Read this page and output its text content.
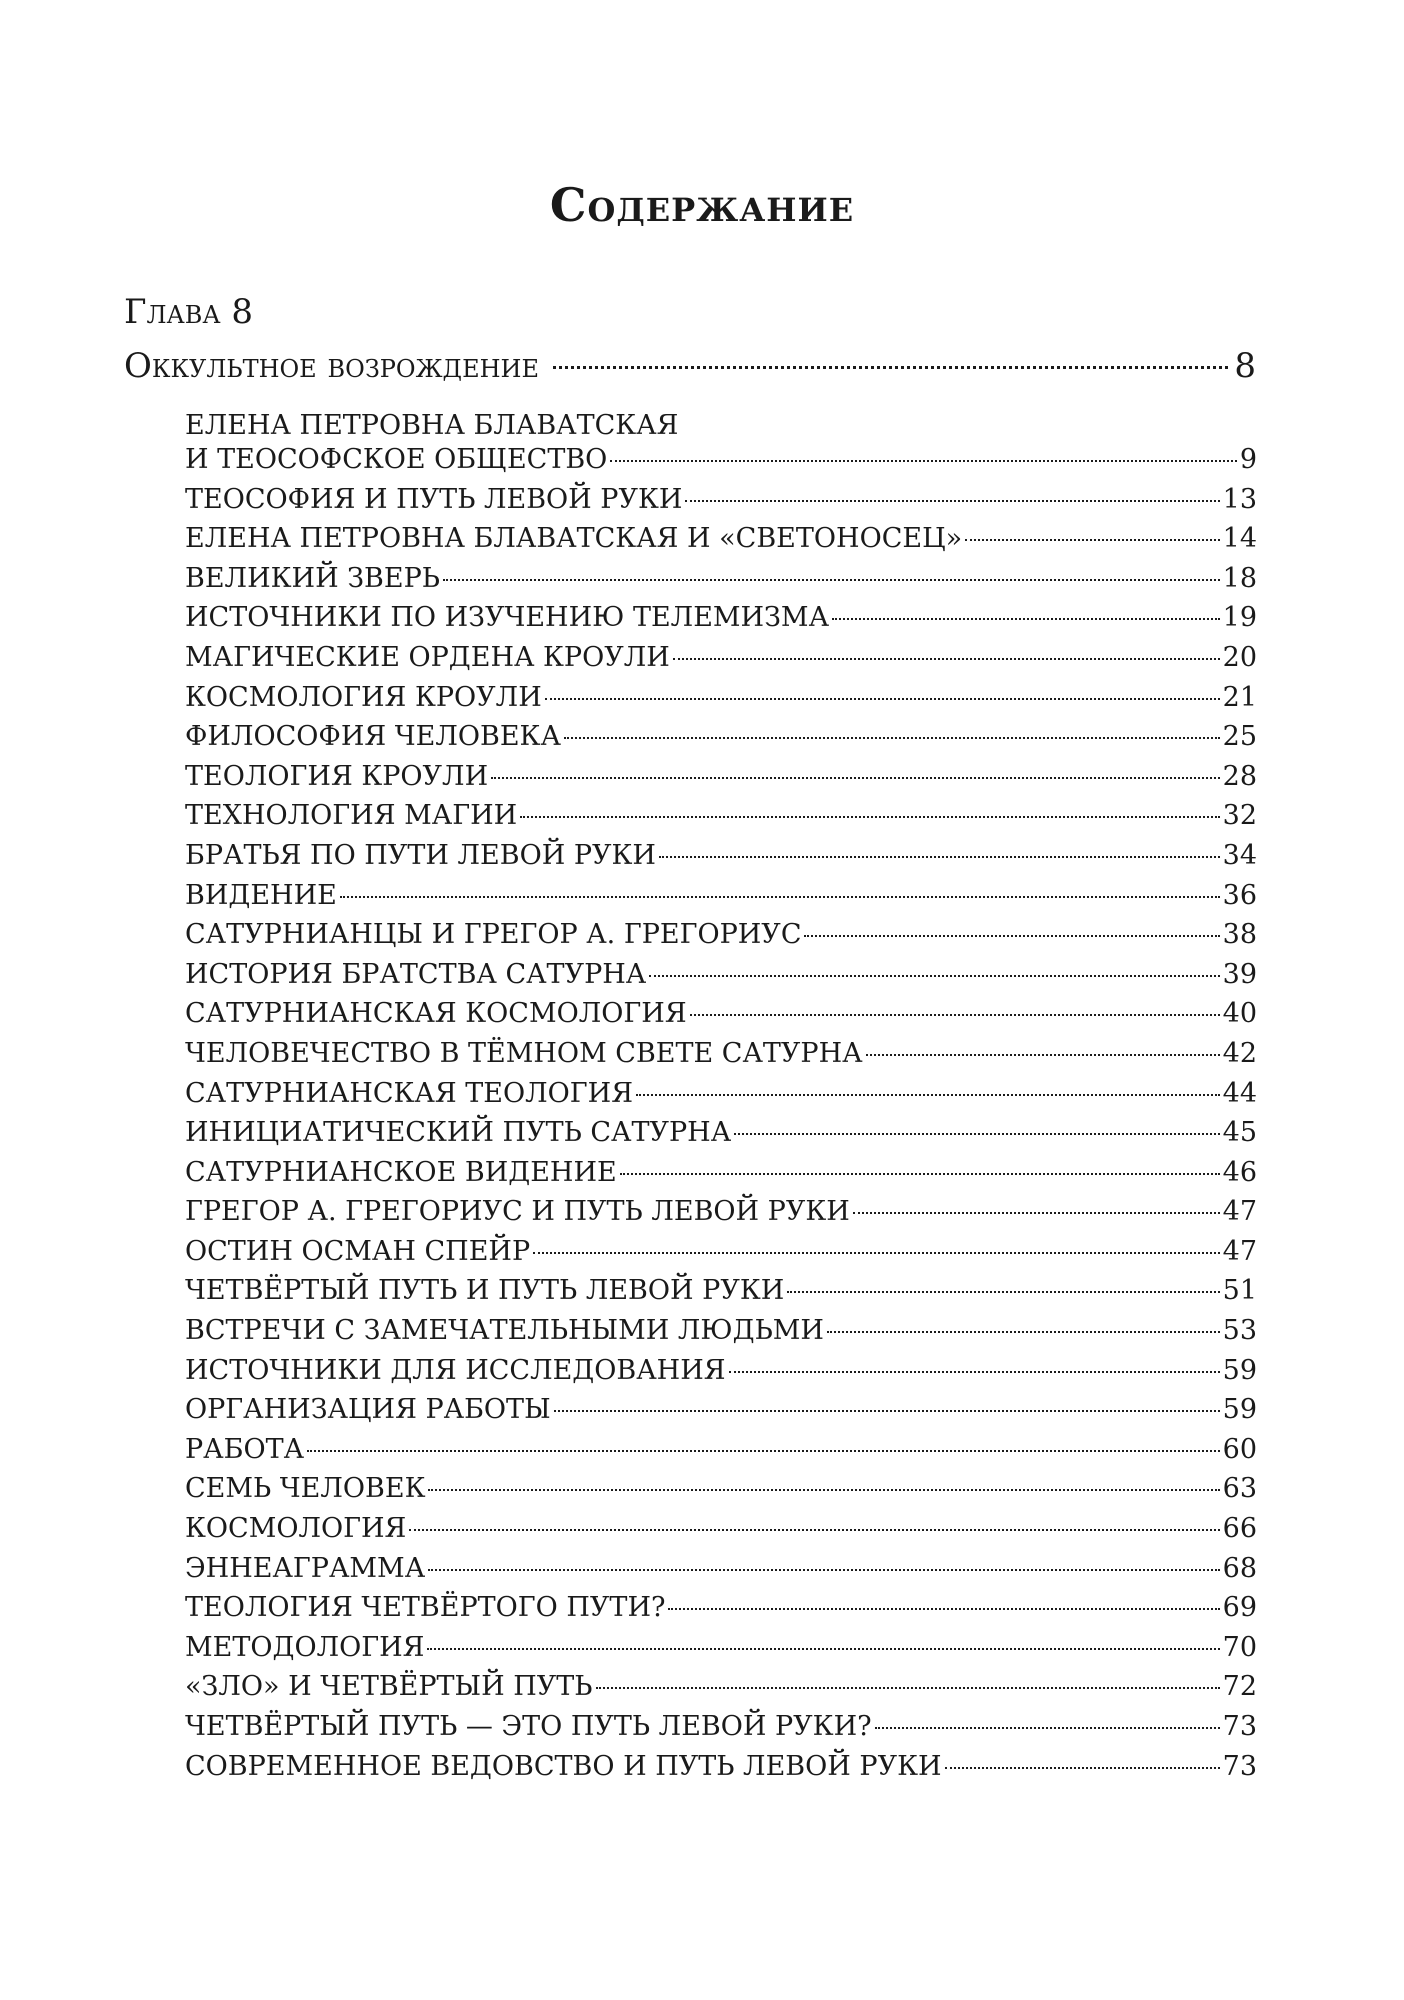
Содержание
Глава 8
Оккультное возрождение	8
ЕЛЕНА ПЕТРОВНА БЛАВАТСКАЯ
И ТЕОСОФСКОЕ ОБЩЕСТВО	9
ТЕОСОФИЯ И ПУТЬ ЛЕВОЙ РУКИ	13
ЕЛЕНА ПЕТРОВНА БЛАВАТСКАЯ И «СВЕТОНОСЕЦ»	14
ВЕЛИКИЙ ЗВЕРЬ	18
ИСТОЧНИКИ ПО ИЗУЧЕНИЮ ТЕЛЕМИЗМА	19
МАГИЧЕСКИЕ ОРДЕНА КРОУЛИ	20
КОСМОЛОГИЯ КРОУЛИ	21
ФИЛОСОФИЯ ЧЕЛОВЕКА	25
ТЕОЛОГИЯ КРОУЛИ	28
ТЕХНОЛОГИЯ МАГИИ	32
БРАТЬЯ ПО ПУТИ ЛЕВОЙ РУКИ	34
ВИДЕНИЕ	36
САТУРНИАНЦЫ И ГРЕГОР А. ГРЕГОРИУС	38
ИСТОРИЯ БРАТСТВА САТУРНА	39
САТУРНИАНСКАЯ КОСМОЛОГИЯ	40
ЧЕЛОВЕЧЕСТВО В ТЁМНОМ СВЕТЕ САТУРНА	42
САТУРНИАНСКАЯ ТЕОЛОГИЯ	44
ИНИЦИАТИЧЕСКИЙ ПУТЬ САТУРНА	45
САТУРНИАНСКОЕ ВИДЕНИЕ	46
ГРЕГОР А. ГРЕГОРИУС И ПУТЬ ЛЕВОЙ РУКИ	47
ОСТИН ОСМАН СПЕЙР	47
ЧЕТВЁРТЫЙ ПУТЬ И ПУТЬ ЛЕВОЙ РУКИ	51
ВСТРЕЧИ С ЗАМЕЧАТЕЛЬНЫМИ ЛЮДЬМИ	53
ИСТОЧНИКИ ДЛЯ ИССЛЕДОВАНИЯ	59
ОРГАНИЗАЦИЯ РАБОТЫ	59
РАБОТА	60
СЕМЬ ЧЕЛОВЕК	63
КОСМОЛОГИЯ	66
ЭННЕАГРАММА	68
ТЕОЛОГИЯ ЧЕТВЁРТОГО ПУТИ?	69
МЕТОДОЛОГИЯ	70
«ЗЛО» И ЧЕТВЁРТЫЙ ПУТЬ	72
ЧЕТВЁРТЫЙ ПУТЬ — ЭТО ПУТЬ ЛЕВОЙ РУКИ?	73
СОВРЕМЕННОЕ ВЕДОВСТВО И ПУТЬ ЛЕВОЙ РУКИ	73
